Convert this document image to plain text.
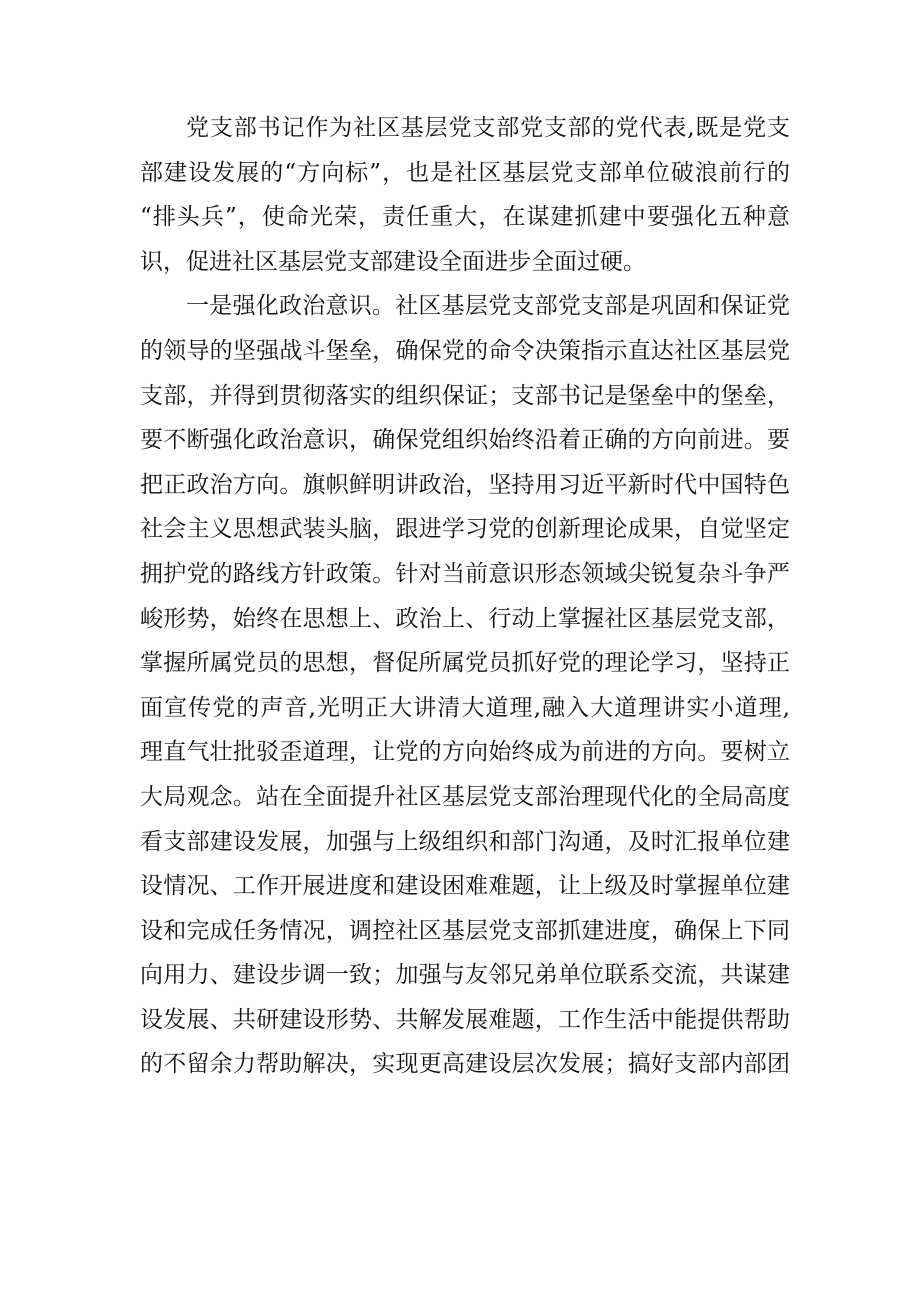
党支部书记作为社区基层党支部党支部的党代表,既是党支
部建设发展的“方向标”，也是社区基层党支部单位破浪前行的
“排头兵”，使命光荣，责任重大，在谋建抓建中要强化五种意
识，促进社区基层党支部建设全面进步全面过硬。
一是强化政治意识。社区基层党支部党支部是巩固和保证党
的领导的坚强战斗堡垒，确保党的命令决策指示直达社区基层党
支部，并得到贯彻落实的组织保证；支部书记是堡垒中的堡垒，
要不断强化政治意识，确保党组织始终沿着正确的方向前进。要
把正政治方向。旗帜鲜明讲政治，坚持用习近平新时代中国特色
社会主义思想武装头脑，跟进学习党的创新理论成果，自觉坚定
拥护党的路线方针政策。针对当前意识形态领域尖锐复杂斗争严
峻形势，始终在思想上、政治上、行动上掌握社区基层党支部，
掌握所属党员的思想，督促所属党员抓好党的理论学习，坚持正
面宣传党的声音,光明正大讲清大道理,融入大道理讲实小道理,
理直气壮批驳歪道理，让党的方向始终成为前进的方向。要树立
大局观念。站在全面提升社区基层党支部治理现代化的全局高度
看支部建设发展，加强与上级组织和部门沟通，及时汇报单位建
设情况、工作开展进度和建设困难难题，让上级及时掌握单位建
设和完成任务情况，调控社区基层党支部抓建进度，确保上下同
向用力、建设步调一致；加强与友邻兄弟单位联系交流，共谋建
设发展、共研建设形势、共解发展难题，工作生活中能提供帮助
的不留余力帮助解决，实现更高建设层次发展；搞好支部内部团
